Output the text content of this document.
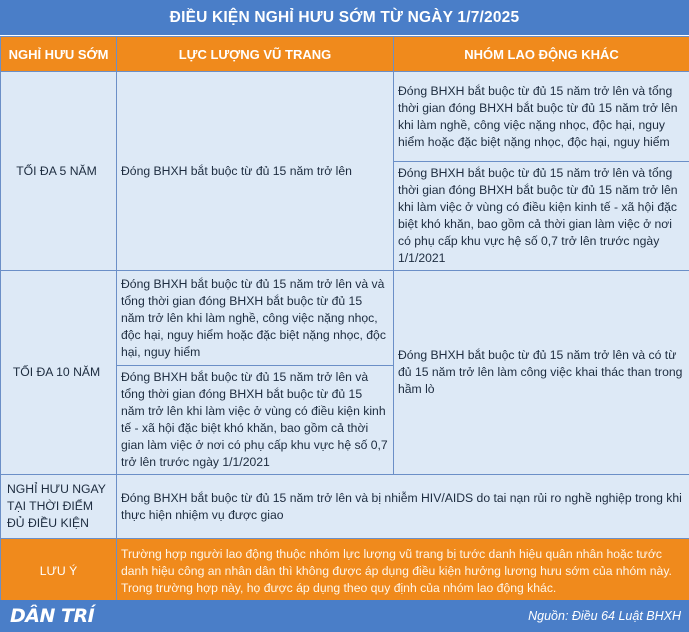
ĐIỀU KIỆN NGHỈ HƯU SỚM TỪ NGÀY 1/7/2025
NGHỈ HƯU SỚM	LỰC LƯỢNG VŨ TRANG	NHÓM LAO ĐỘNG KHÁC
TỐI ĐA 5 NĂM	Đóng BHXH bắt buộc từ đủ 15 năm trở lên	Đóng BHXH bắt buộc từ đủ 15 năm trở lên và tổng thời gian đóng BHXH bắt buộc từ đủ 15 năm trở lên khi làm nghề, công việc nặng nhọc, độc hại, nguy hiểm hoặc đặc biệt nặng nhọc, độc hại, nguy hiểm
		Đóng BHXH bắt buộc từ đủ 15 năm trở lên và tổng thời gian đóng BHXH bắt buộc từ đủ 15 năm trở lên khi làm việc ở vùng có điều kiện kinh tế - xã hội đặc biệt khó khăn, bao gồm cả thời gian làm việc ở nơi có phụ cấp khu vực hệ số 0,7 trở lên trước ngày 1/1/2021
TỐI ĐA 10 NĂM	Đóng BHXH bắt buộc từ đủ 15 năm trở lên và và tổng thời gian đóng BHXH bắt buộc từ đủ 15 năm trở lên khi làm nghề, công việc nặng nhọc, độc hại, nguy hiểm hoặc đặc biệt nặng nhọc, độc hại, nguy hiểm	Đóng BHXH bắt buộc từ đủ 15 năm trở lên và có từ đủ 15 năm trở lên làm công việc khai thác than trong hầm lò
	Đóng BHXH bắt buộc từ đủ 15 năm trở lên và tổng thời gian đóng BHXH bắt buộc từ đủ 15 năm trở lên khi làm việc ở vùng có điều kiện kinh tế - xã hội đặc biệt khó khăn, bao gồm cả thời gian làm việc ở nơi có phụ cấp khu vực hệ số 0,7 trở lên trước ngày 1/1/2021	
NGHỈ HƯU NGAY TẠI THỜI ĐIỂM ĐỦ ĐIỀU KIỆN	Đóng BHXH bắt buộc từ đủ 15 năm trở lên và bị nhiễm HIV/AIDS do tai nạn rủi ro nghề nghiệp trong khi thực hiện nhiệm vụ được giao	
LƯU Ý	Trường hợp người lao động thuộc nhóm lực lượng vũ trang bị tước danh hiệu quân nhân hoặc tước danh hiệu công an nhân dân thì không được áp dụng điều kiện hưởng lương hưu sớm của nhóm này. Trong trường hợp này, họ được áp dụng theo quy định của nhóm lao động khác.	
DÂN TRÍ	Nguồn: Điều 64 Luật BHXH
